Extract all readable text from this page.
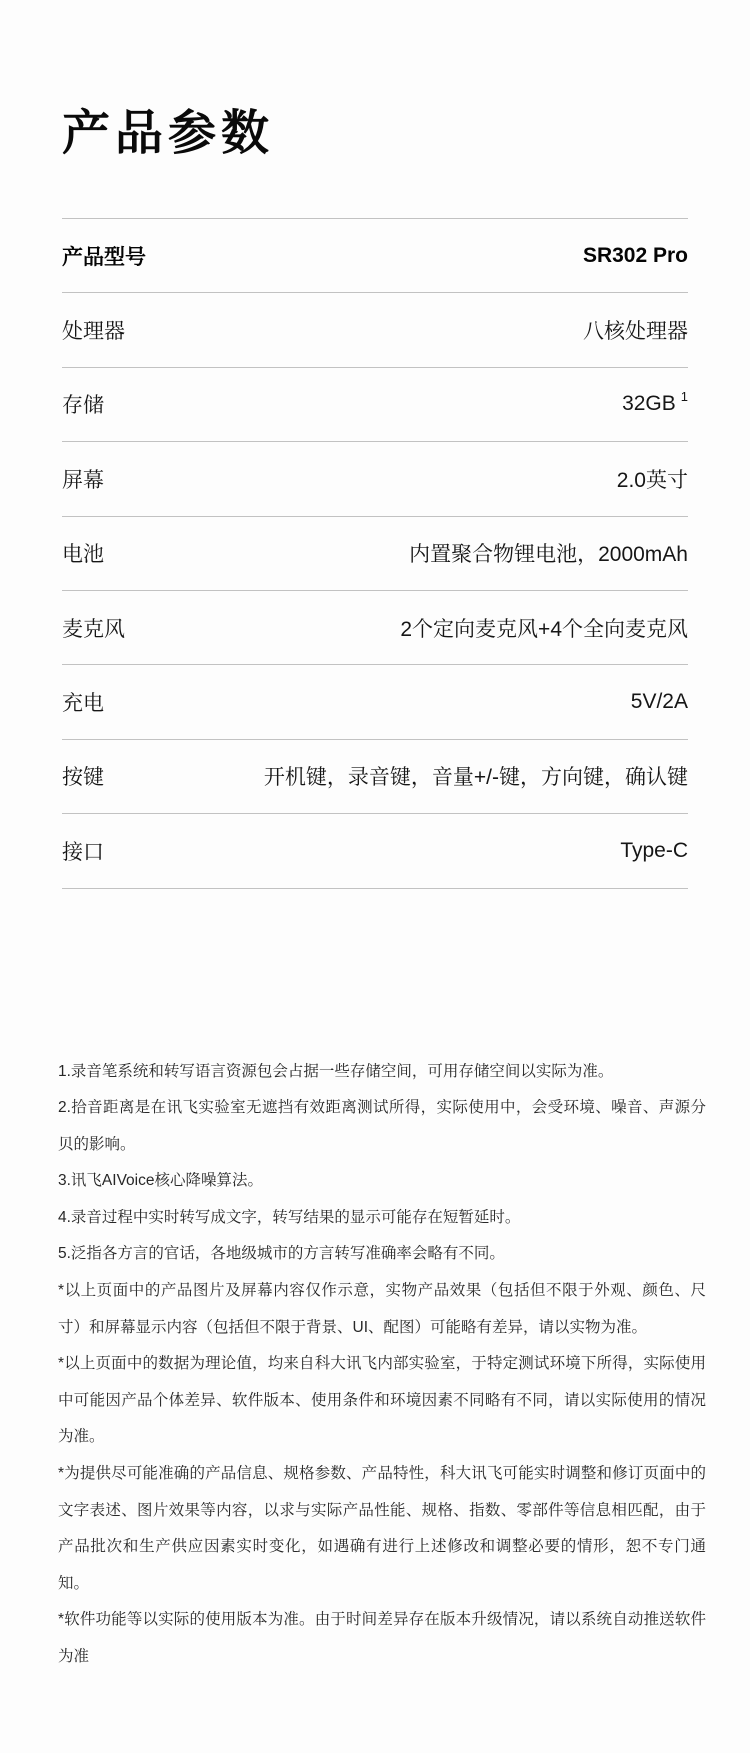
产品参数
产品型号	SR302 Pro
处理器	八核处理器
存储	32GB $^1$
屏幕	2.0英寸
电池	内置聚合物锂电池，2000mAh
麦克风	2个定向麦克风+4个全向麦克风
充电	5V/2A
按键	开机键，录音键，音量+/-键，方向键，确认键
接口	Type-C

1.录音笔系统和转写语言资源包会占据一些存储空间，可用存储空间以实际为准。

2.拾音距离是在讯飞实验室无遮挡有效距离测试所得，实际使用中，会受环境、噪音、声源分贝的影响。

3.讯飞AIVoice核心降噪算法。

4.录音过程中实时转写成文字，转写结果的显示可能存在短暂延时。

5.泛指各方言的官话，各地级城市的方言转写准确率会略有不同。

*以上页面中的产品图片及屏幕内容仅作示意，实物产品效果（包括但不限于外观、颜色、尺寸）和屏幕显示内容（包括但不限于背景、UI、配图）可能略有差异，请以实物为准。

*以上页面中的数据为理论值，均来自科大讯飞内部实验室，于特定测试环境下所得，实际使用中可能因产品个体差异、软件版本、使用条件和环境因素不同略有不同，请以实际使用的情况为准。

*为提供尽可能准确的产品信息、规格参数、产品特性，科大讯飞可能实时调整和修订页面中的文字表述、图片效果等内容，以求与实际产品性能、规格、指数、零部件等信息相匹配，由于产品批次和生产供应因素实时变化，如遇确有进行上述修改和调整必要的情形，恕不专门通知。

*软件功能等以实际的使用版本为准。由于时间差异存在版本升级情况，请以系统自动推送软件为准
